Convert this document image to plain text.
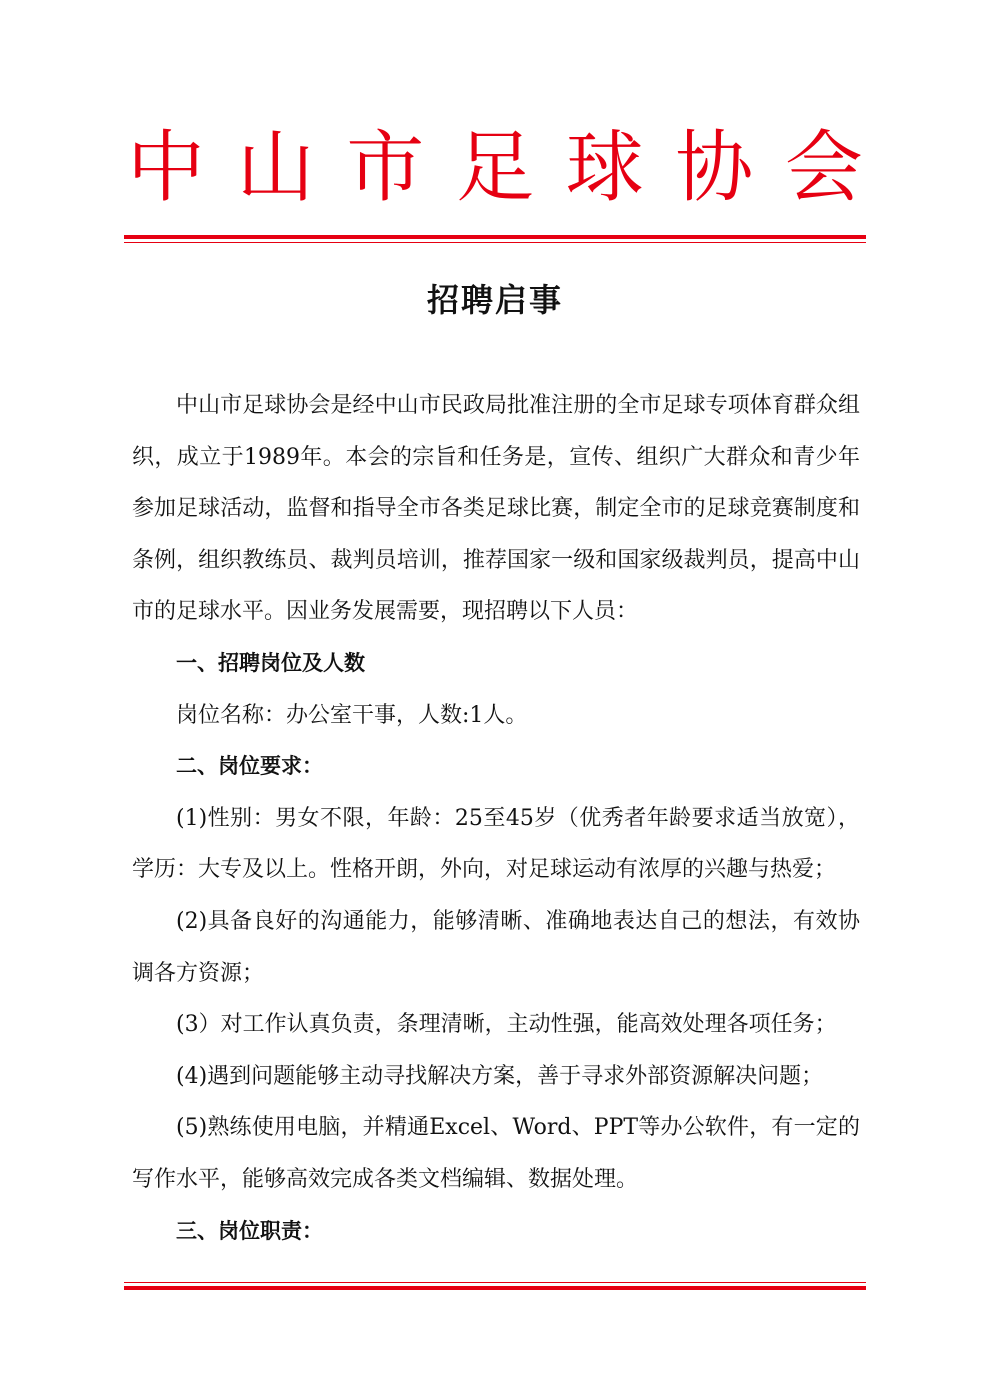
中 山 市 足 球 协 会
招聘启事

中山市足球协会是经中山市民政局批准注册的全市足球专项体育群众组织，成立于1989年。本会的宗旨和任务是，宣传、组织广大群众和青少年参加足球活动，监督和指导全市各类足球比赛，制定全市的足球竞赛制度和条例，组织教练员、裁判员培训，推荐国家一级和国家级裁判员，提高中山市的足球水平。因业务发展需要，现招聘以下人员：

一、招聘岗位及人数

岗位名称：办公室干事，人数:1人。

二、岗位要求：

(1)性别：男女不限，年龄：25至45岁（优秀者年龄要求适当放宽），学历：大专及以上。性格开朗，外向，对足球运动有浓厚的兴趣与热爱；

(2)具备良好的沟通能力，能够清晰、准确地表达自己的想法，有效协调各方资源；

(3）对工作认真负责，条理清晰，主动性强，能高效处理各项任务；

(4)遇到问题能够主动寻找解决方案，善于寻求外部资源解决问题；

(5)熟练使用电脑，并精通Excel、Word、PPT等办公软件，有一定的写作水平，能够高效完成各类文档编辑、数据处理。

三、岗位职责：
